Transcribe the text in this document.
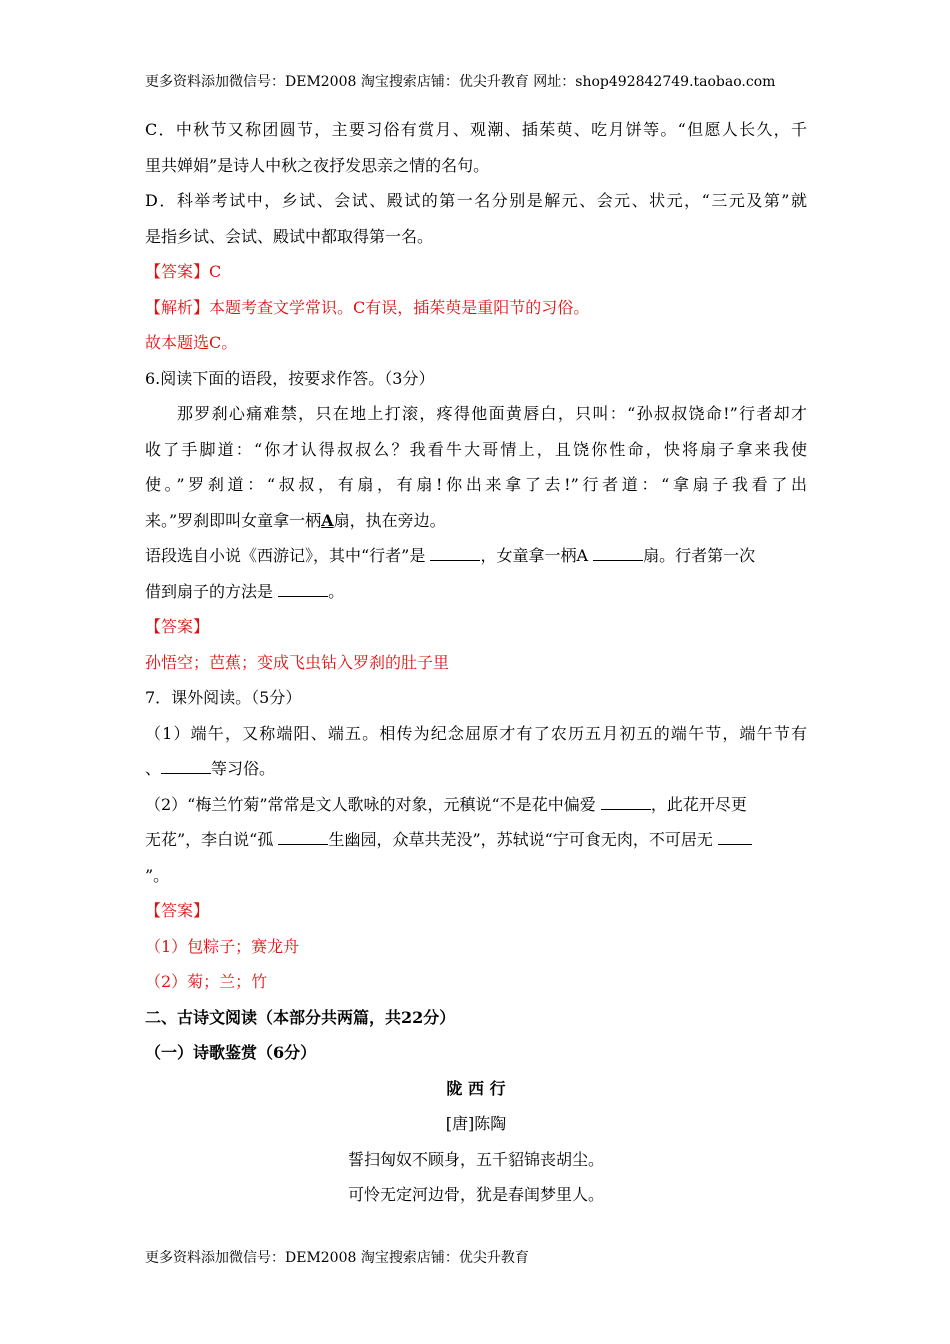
更多资料添加微信号：DEM2008 淘宝搜索店铺：优尖升教育 网址：shop492842749.taobao.com
C．中秋节又称团圆节，主要习俗有赏月、观潮、插茱萸、吃月饼等。“但愿人长久，千
里共婵娟”是诗人中秋之夜抒发思亲之情的名句。
D．科举考试中，乡试、会试、殿试的第一名分别是解元、会元、状元，“三元及第”就
是指乡试、会试、殿试中都取得第一名。
【答案】C
【解析】本题考查文学常识。C有误，插茱萸是重阳节的习俗。
故本题选C。
6.阅读下面的语段，按要求作答。（3分）
那罗刹心痛难禁，只在地上打滚，疼得他面黄唇白，只叫：“孙叔叔饶命!”行者却才
收了手脚道：“你才认得叔叔么？我看牛大哥情上，且饶你性命，快将扇子拿来我使
使。”罗刹道：“叔叔，有扇，有扇!你出来拿了去!”行者道：“拿扇子我看了出
来。”罗刹即叫女童拿一柄A扇，执在旁边。
语段选自小说《西游记》，其中“行者”是	，女童拿一柄A	扇。行者第一次
借到扇子的方法是	。
【答案】
孙悟空；芭蕉；变成飞虫钻入罗刹的肚子里
7．课外阅读。（5分）
（1）端午，又称端阳、端五。相传为纪念屈原才有了农历五月初五的端午节，端午节有
、	等习俗。
（2）“梅兰竹菊”常常是文人歌咏的对象，元稹说“不是花中偏爱	，此花开尽更
无花”，李白说“孤	生幽园，众草共芜没”，苏轼说“宁可食无肉，不可居无
”。
【答案】
（1）包粽子；赛龙舟
（2）菊；兰；竹
二、古诗文阅读（本部分共两篇，共22分）
（一）诗歌鉴赏（6分）
陇 西 行
[唐]陈陶
誓扫匈奴不顾身，五千貂锦丧胡尘。
可怜无定河边骨，犹是春闺梦里人。
更多资料添加微信号：DEM2008 淘宝搜索店铺：优尖升教育
